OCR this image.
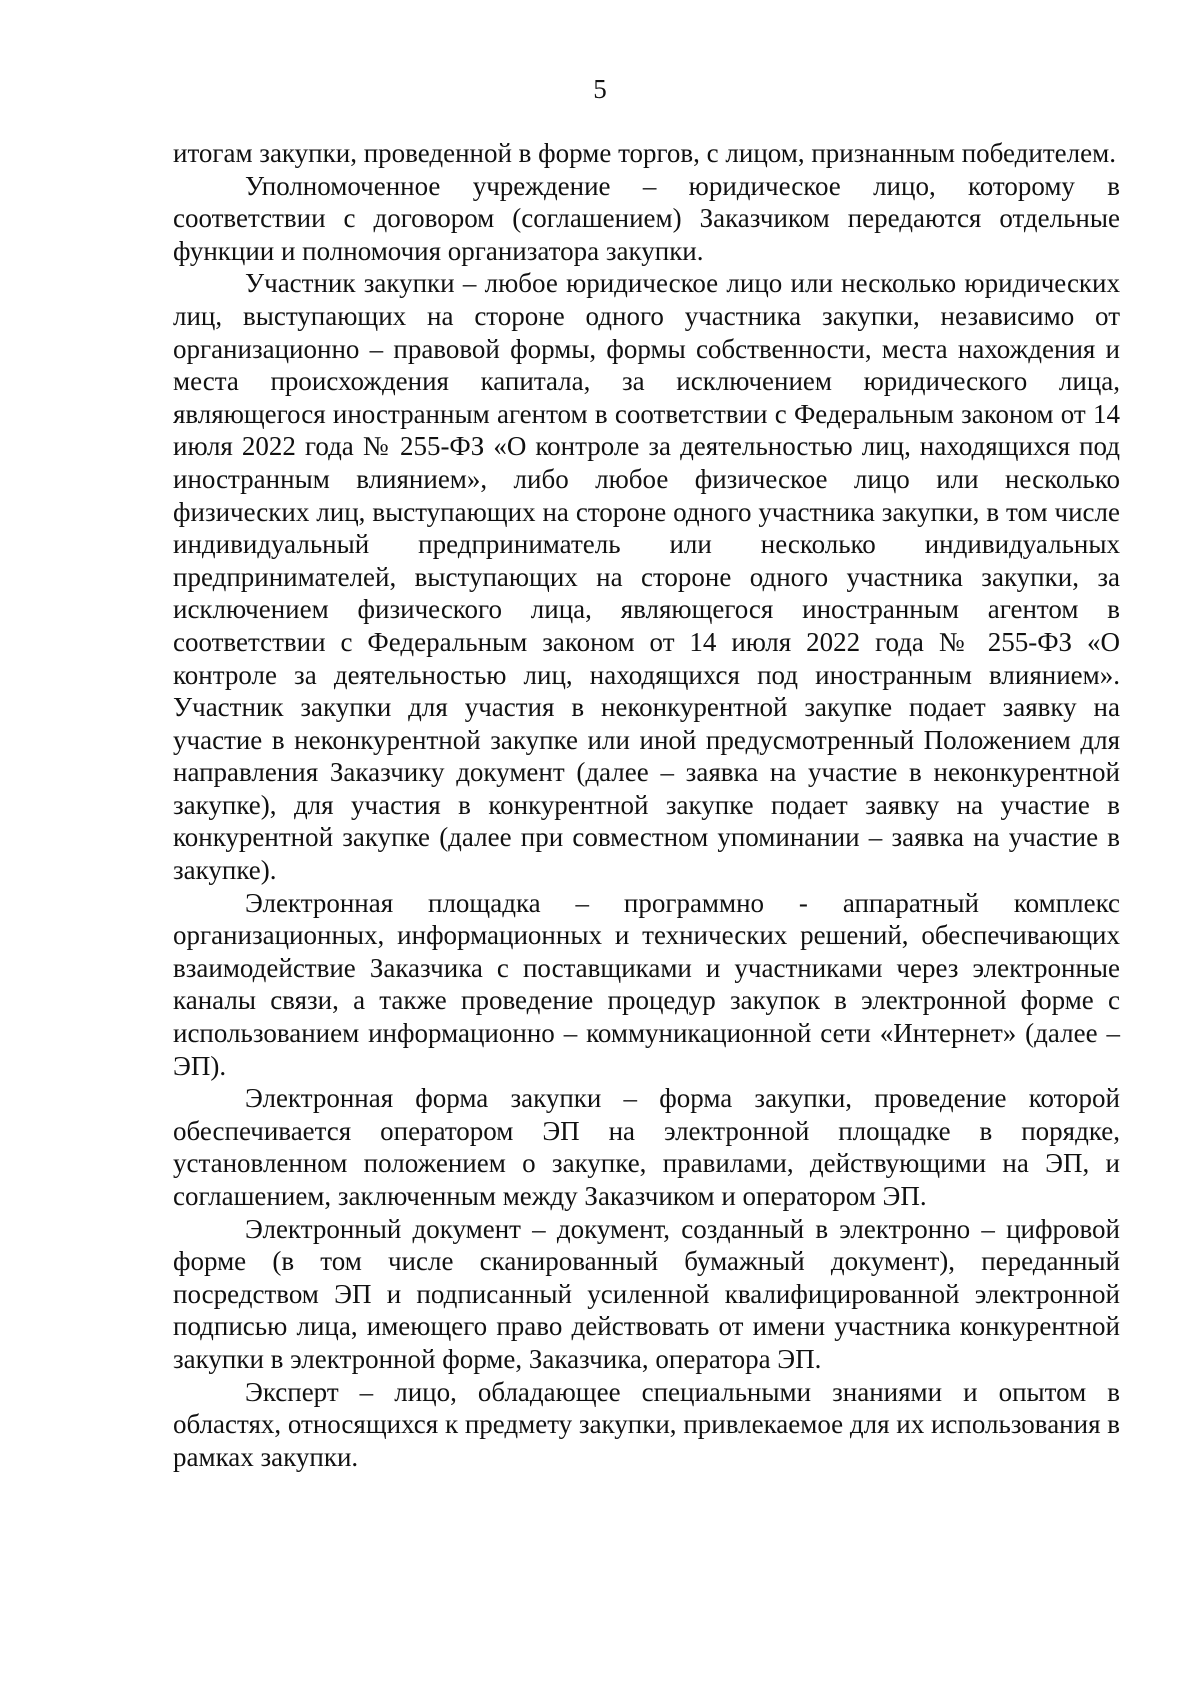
5

итогам закупки, проведенной в форме торгов, с лицом, признанным победителем.

Уполномоченное учреждение – юридическое лицо, которому в соответствии с договором (соглашением) Заказчиком передаются отдельные функции и полномочия организатора закупки.

Участник закупки – любое юридическое лицо или несколько юридических лиц, выступающих на стороне одного участника закупки, независимо от организационно – правовой формы, формы собственности, места нахождения и места происхождения капитала, за исключением юридического лица, являющегося иностранным агентом в соответствии с Федеральным законом от 14 июля 2022 года № 255-ФЗ «О контроле за деятельностью лиц, находящихся под иностранным влиянием», либо любое физическое лицо или несколько физических лиц, выступающих на стороне одного участника закупки, в том числе индивидуальный предприниматель или несколько индивидуальных предпринимателей, выступающих на стороне одного участника закупки, за исключением физического лица, являющегося иностранным агентом в соответствии с Федеральным законом от 14 июля 2022 года № 255-ФЗ «О контроле за деятельностью лиц, находящихся под иностранным влиянием». Участник закупки для участия в неконкурентной закупке подает заявку на участие в неконкурентной закупке или иной предусмотренный Положением для направления Заказчику документ (далее – заявка на участие в неконкурентной закупке), для участия в конкурентной закупке подает заявку на участие в конкурентной закупке (далее при совместном упоминании – заявка на участие в закупке).

Электронная площадка – программно - аппаратный комплекс организационных, информационных и технических решений, обеспечивающих взаимодействие Заказчика с поставщиками и участниками через электронные каналы связи, а также проведение процедур закупок в электронной форме с использованием информационно – коммуникационной сети «Интернет» (далее – ЭП).

Электронная форма закупки – форма закупки, проведение которой обеспечивается оператором ЭП на электронной площадке в порядке, установленном положением о закупке, правилами, действующими на ЭП, и соглашением, заключенным между Заказчиком и оператором ЭП.

Электронный документ – документ, созданный в электронно – цифровой форме (в том числе сканированный бумажный документ), переданный посредством ЭП и подписанный усиленной квалифицированной электронной подписью лица, имеющего право действовать от имени участника конкурентной закупки в электронной форме, Заказчика, оператора ЭП.

Эксперт – лицо, обладающее специальными знаниями и опытом в областях, относящихся к предмету закупки, привлекаемое для их использования в рамках закупки.
